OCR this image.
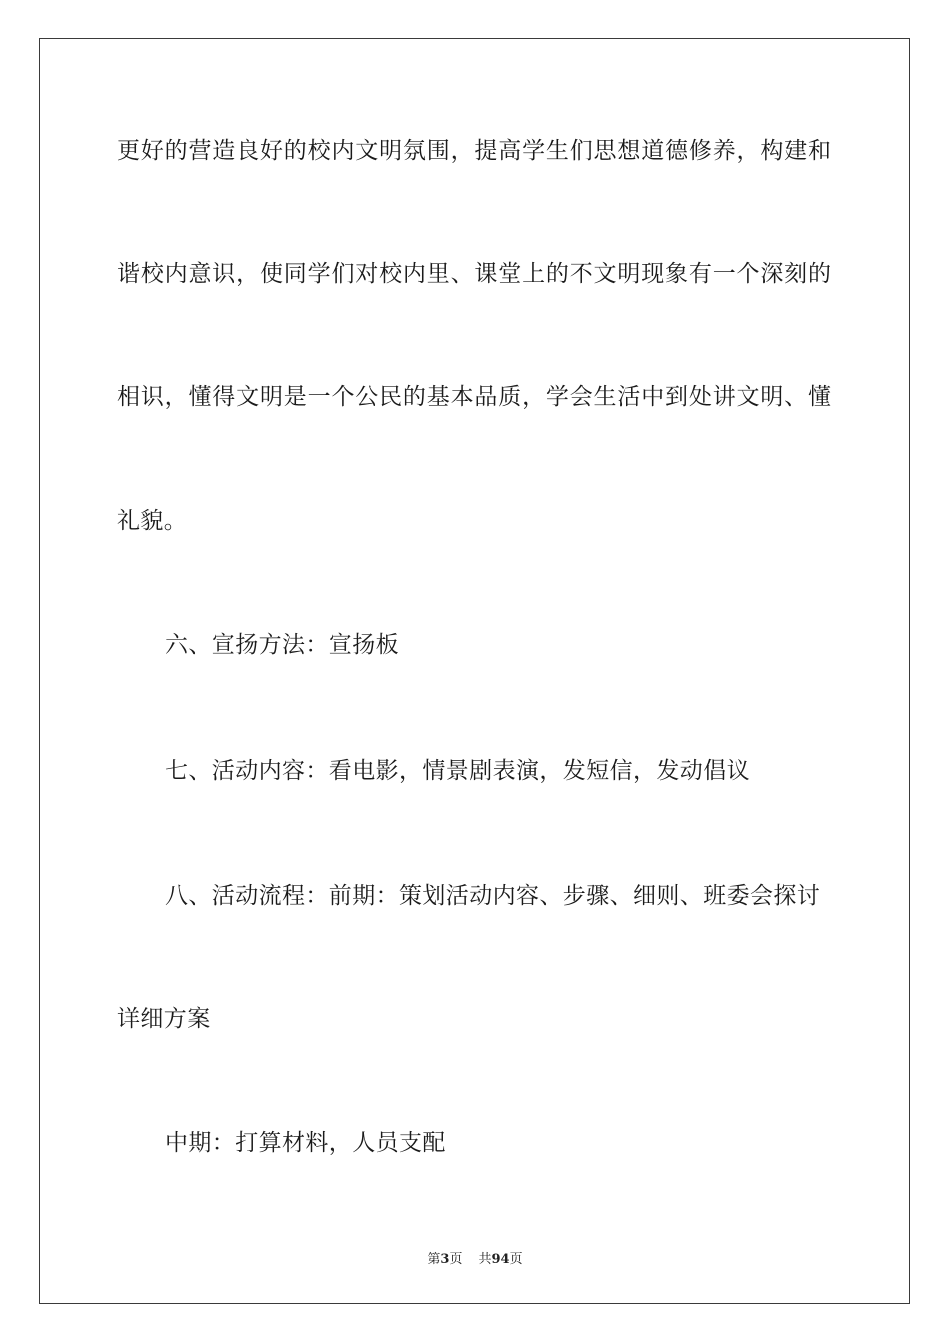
更好的营造良好的校内文明氛围，提高学生们思想道德修养，构建和
谐校内意识，使同学们对校内里、课堂上的不文明现象有一个深刻的
相识，懂得文明是一个公民的基本品质，学会生活中到处讲文明、懂
礼貌。
六、宣扬方法：宣扬板
七、活动内容：看电影，情景剧表演，发短信，发动倡议
八、活动流程：前期：策划活动内容、步骤、细则、班委会探讨
详细方案
中期：打算材料，人员支配
第3页 共94页
